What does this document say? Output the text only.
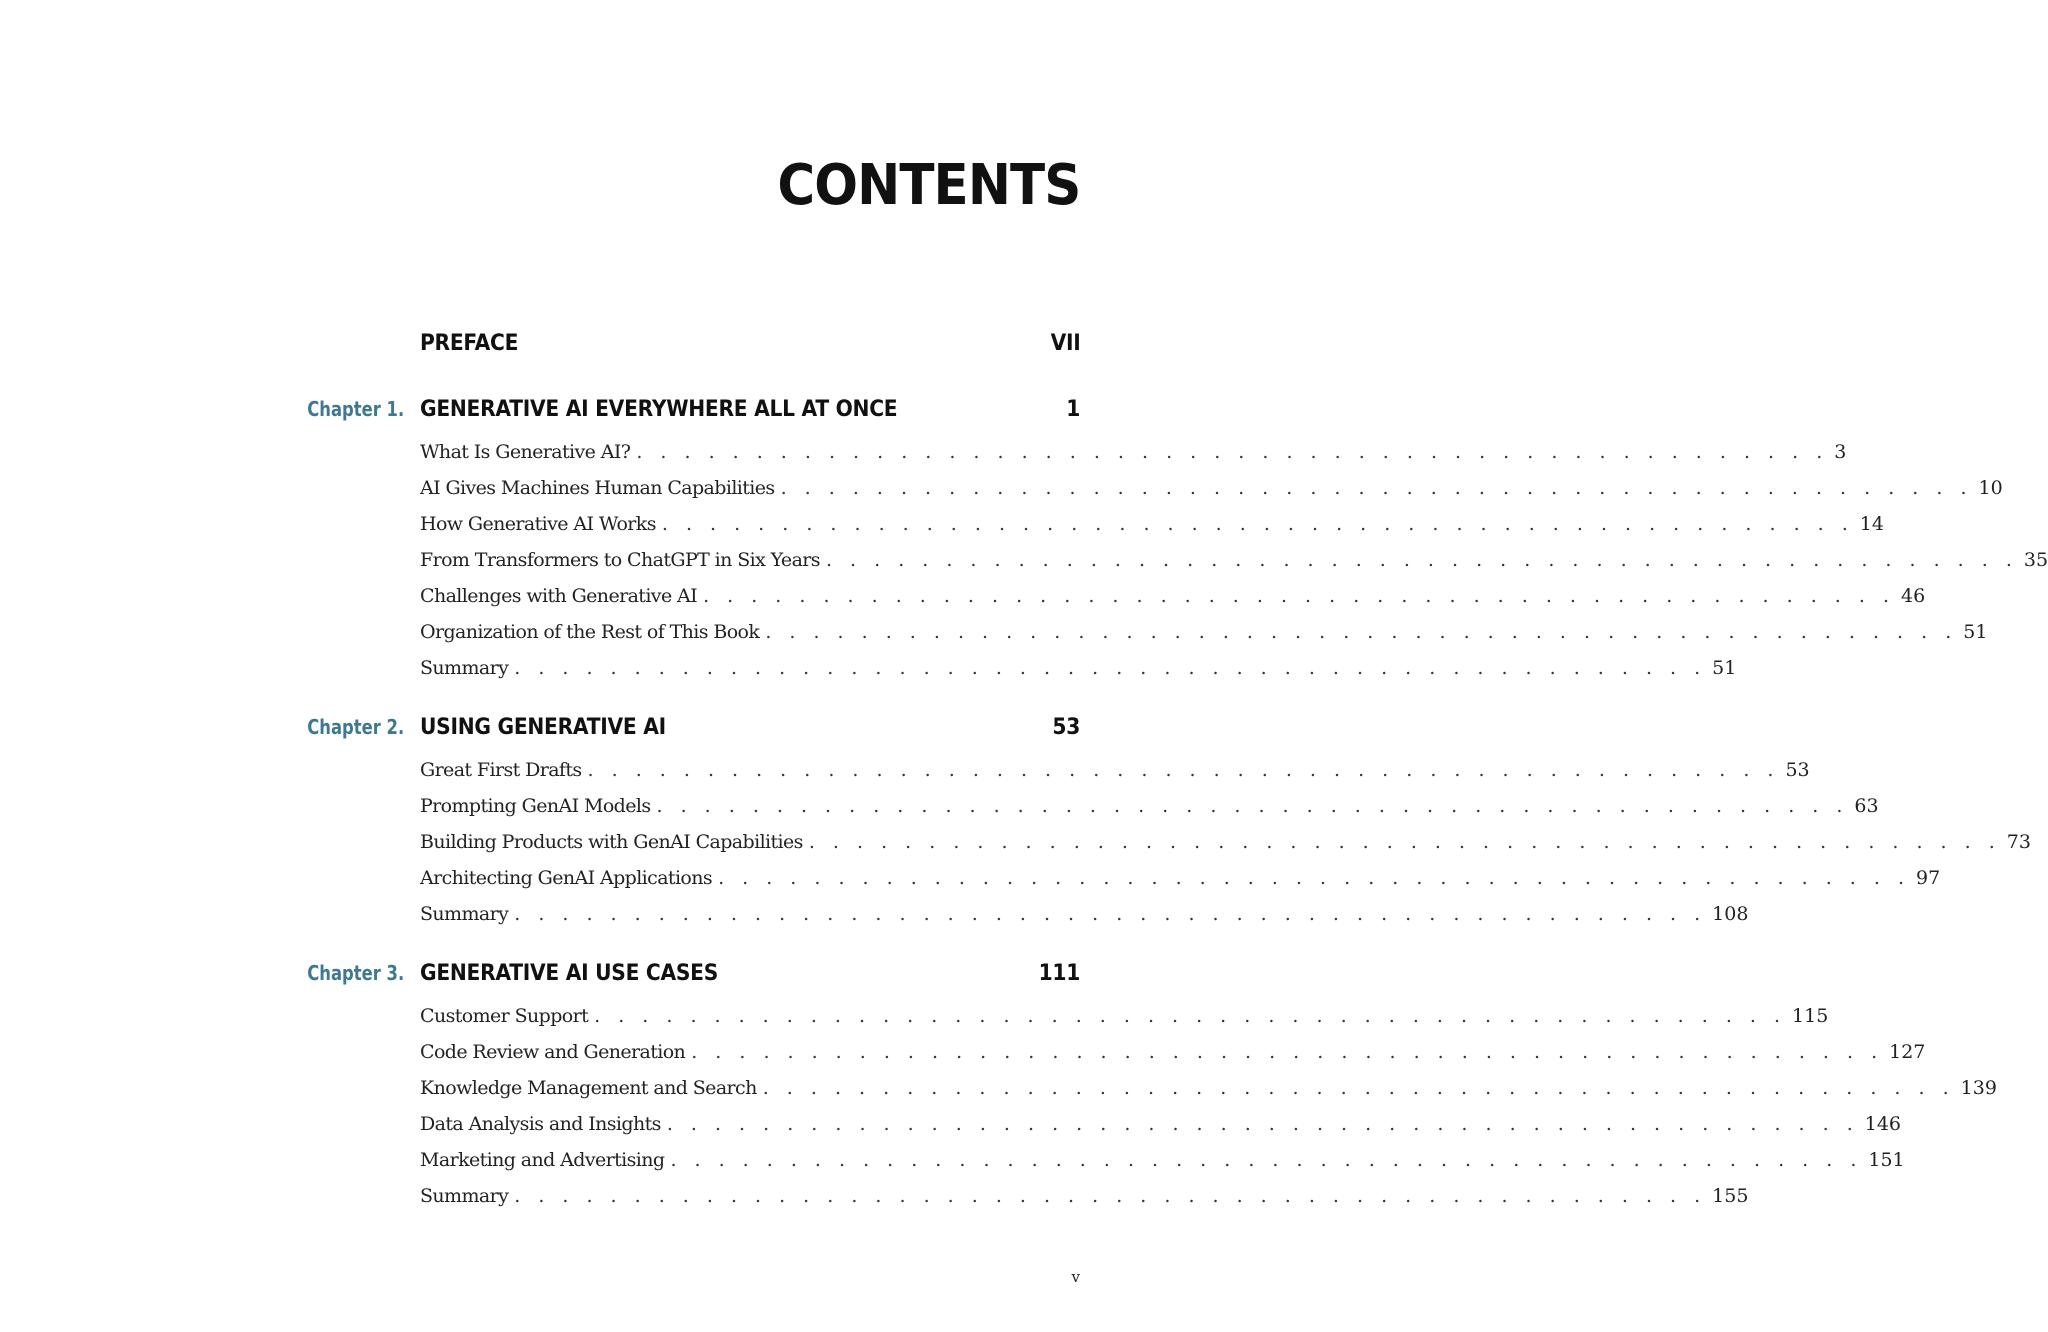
CONTENTS
PREFACE	VII
Chapter 1. GENERATIVE AI EVERYWHERE ALL AT ONCE	1
What Is Generative AI? . . . . . . . . . . . . . . . . . . . . . . . . . . . . . . . . . . . . . . . . . . . . . . . . . . 3
AI Gives Machines Human Capabilities . . . . . . . . . . . . . . . . . . . . . . . . . . . . . . . . . . . . . . . . . . . . . . . . . . 10
How Generative AI Works . . . . . . . . . . . . . . . . . . . . . . . . . . . . . . . . . . . . . . . . . . . . . . . . . . 14
From Transformers to ChatGPT in Six Years . . . . . . . . . . . . . . . . . . . . . . . . . . . . . . . . . . . . . . . . . . . . . . . . . . 35
Challenges with Generative AI . . . . . . . . . . . . . . . . . . . . . . . . . . . . . . . . . . . . . . . . . . . . . . . . . . 46
Organization of the Rest of This Book . . . . . . . . . . . . . . . . . . . . . . . . . . . . . . . . . . . . . . . . . . . . . . . . . . 51
Summary . . . . . . . . . . . . . . . . . . . . . . . . . . . . . . . . . . . . . . . . . . . . . . . . . . 51
Chapter 2. USING GENERATIVE AI	53
Great First Drafts . . . . . . . . . . . . . . . . . . . . . . . . . . . . . . . . . . . . . . . . . . . . . . . . . . 53
Prompting GenAI Models . . . . . . . . . . . . . . . . . . . . . . . . . . . . . . . . . . . . . . . . . . . . . . . . . . 63
Building Products with GenAI Capabilities . . . . . . . . . . . . . . . . . . . . . . . . . . . . . . . . . . . . . . . . . . . . . . . . . . 73
Architecting GenAI Applications . . . . . . . . . . . . . . . . . . . . . . . . . . . . . . . . . . . . . . . . . . . . . . . . . . 97
Summary . . . . . . . . . . . . . . . . . . . . . . . . . . . . . . . . . . . . . . . . . . . . . . . . . . 108
Chapter 3. GENERATIVE AI USE CASES	111
Customer Support . . . . . . . . . . . . . . . . . . . . . . . . . . . . . . . . . . . . . . . . . . . . . . . . . . 115
Code Review and Generation . . . . . . . . . . . . . . . . . . . . . . . . . . . . . . . . . . . . . . . . . . . . . . . . . . 127
Knowledge Management and Search . . . . . . . . . . . . . . . . . . . . . . . . . . . . . . . . . . . . . . . . . . . . . . . . . . 139
Data Analysis and Insights . . . . . . . . . . . . . . . . . . . . . . . . . . . . . . . . . . . . . . . . . . . . . . . . . . 146
Marketing and Advertising . . . . . . . . . . . . . . . . . . . . . . . . . . . . . . . . . . . . . . . . . . . . . . . . . . 151
Summary . . . . . . . . . . . . . . . . . . . . . . . . . . . . . . . . . . . . . . . . . . . . . . . . . . 155
v
